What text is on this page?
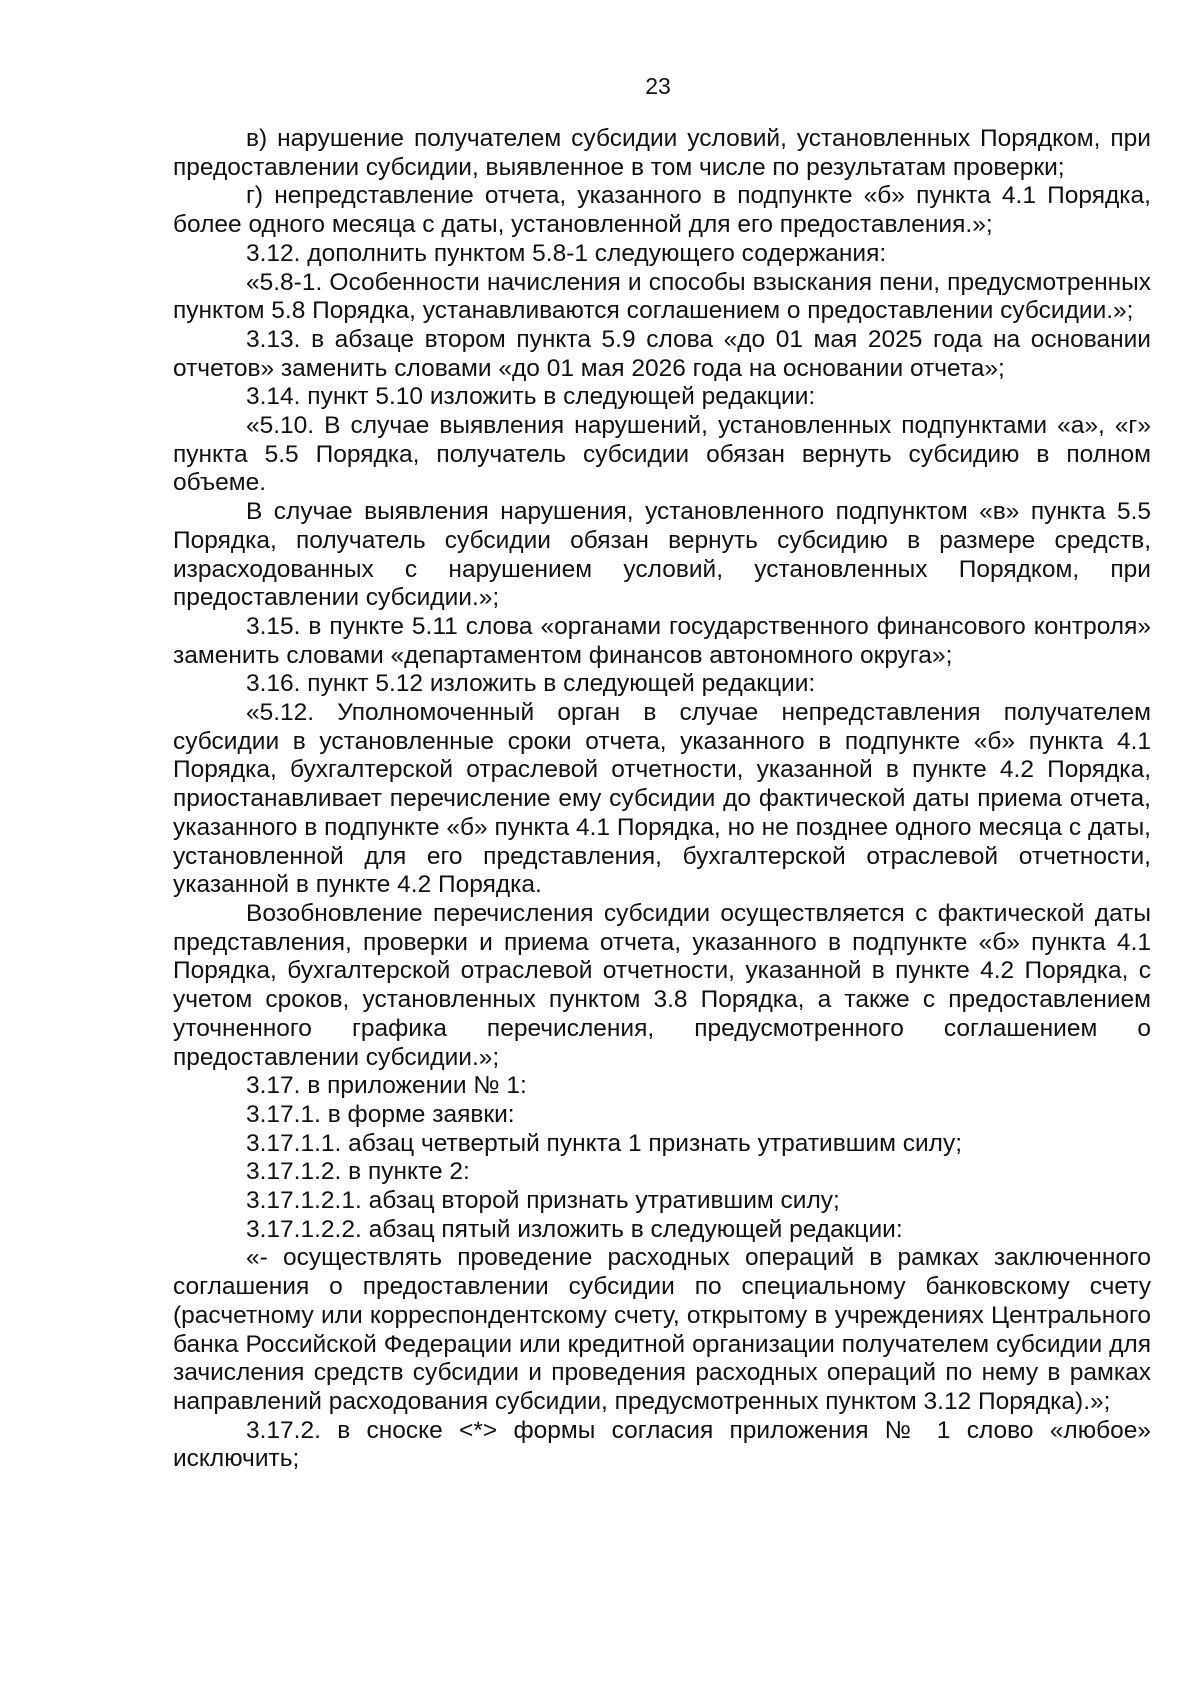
23

в) нарушение получателем субсидии условий, установленных Порядком, при предоставлении субсидии, выявленное в том числе по результатам проверки;

г) непредставление отчета, указанного в подпункте «б» пункта 4.1 Порядка, более одного месяца с даты, установленной для его предоставления.»;

3.12. дополнить пунктом 5.8-1 следующего содержания:

«5.8-1. Особенности начисления и способы взыскания пени, предусмотренных пунктом 5.8 Порядка, устанавливаются соглашением о предоставлении субсидии.»;

3.13. в абзаце втором пункта 5.9 слова «до 01 мая 2025 года на основании отчетов» заменить словами «до 01 мая 2026 года на основании отчета»;

3.14. пункт 5.10 изложить в следующей редакции:

«5.10. В случае выявления нарушений, установленных подпунктами «а», «г» пункта 5.5 Порядка, получатель субсидии обязан вернуть субсидию в полном объеме.

В случае выявления нарушения, установленного подпунктом «в» пункта 5.5 Порядка, получатель субсидии обязан вернуть субсидию в размере средств, израсходованных с нарушением условий, установленных Порядком, при предоставлении субсидии.»;

3.15. в пункте 5.11 слова «органами государственного финансового контроля» заменить словами «департаментом финансов автономного округа»;

3.16. пункт 5.12 изложить в следующей редакции:

«5.12. Уполномоченный орган в случае непредставления получателем субсидии в установленные сроки отчета, указанного в подпункте «б» пункта 4.1 Порядка, бухгалтерской отраслевой отчетности, указанной в пункте 4.2 Порядка, приостанавливает перечисление ему субсидии до фактической даты приема отчета, указанного в подпункте «б» пункта 4.1 Порядка, но не позднее одного месяца с даты, установленной для его представления, бухгалтерской отраслевой отчетности, указанной в пункте 4.2 Порядка.

Возобновление перечисления субсидии осуществляется с фактической даты представления, проверки и приема отчета, указанного в подпункте «б» пункта 4.1 Порядка, бухгалтерской отраслевой отчетности, указанной в пункте 4.2 Порядка, с учетом сроков, установленных пунктом 3.8 Порядка, а также с предоставлением уточненного графика перечисления, предусмотренного соглашением о предоставлении субсидии.»;

3.17. в приложении № 1:

3.17.1. в форме заявки:

3.17.1.1. абзац четвертый пункта 1 признать утратившим силу;

3.17.1.2. в пункте 2:

3.17.1.2.1. абзац второй признать утратившим силу;

3.17.1.2.2. абзац пятый изложить в следующей редакции:

«- осуществлять проведение расходных операций в рамках заключенного соглашения о предоставлении субсидии по специальному банковскому счету (расчетному или корреспондентскому счету, открытому в учреждениях Центрального банка Российской Федерации или кредитной организации получателем субсидии для зачисления средств субсидии и проведения расходных операций по нему в рамках направлений расходования субсидии, предусмотренных пунктом 3.12 Порядка).»;

3.17.2. в сноске <*> формы согласия приложения № 1 слово «любое» исключить;
